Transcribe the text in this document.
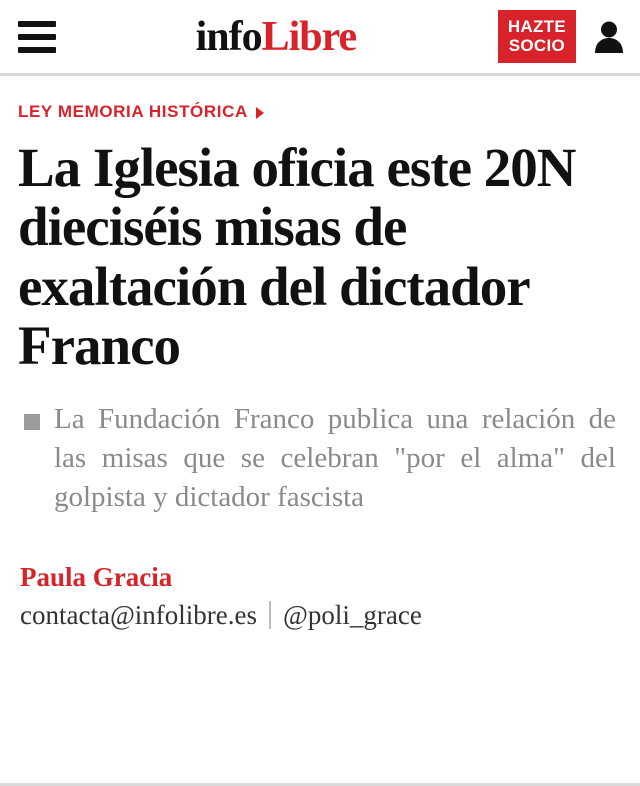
infoLibre	HAZTE
SOCIO
LEY MEMORIA HISTÓRICA
La Iglesia oficia este 20N dieciséis misas de exaltación del dictador Franco
La Fundación Franco publica una relación de las misas que se celebran "por el alma" del golpista y dictador fascista
Paula Gracia
contacta@infolibre.es @poli_grace
